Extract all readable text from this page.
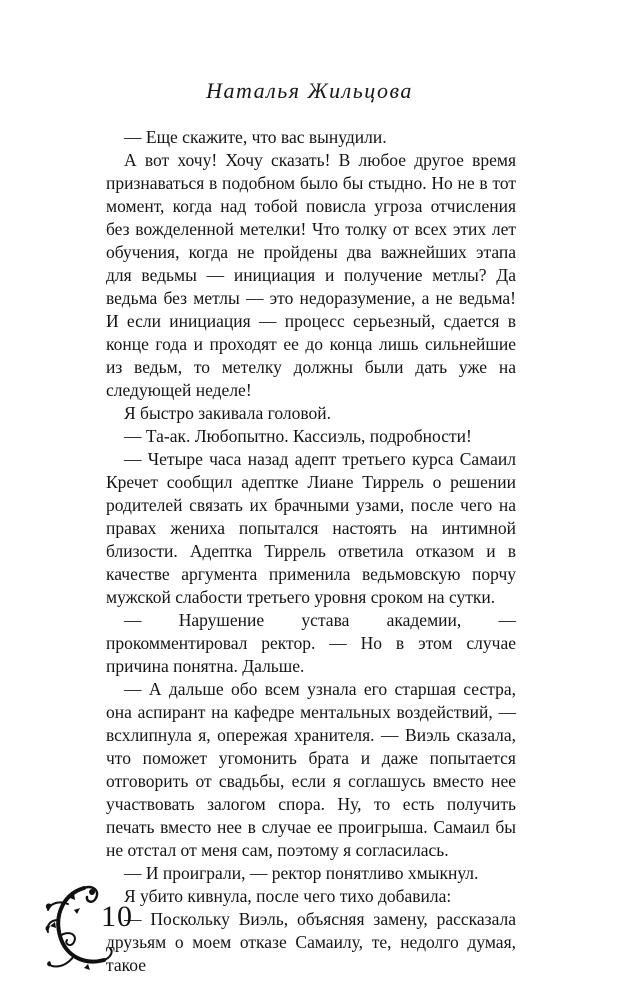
Наталья Жильцова

— Еще скажите, что вас вынудили.

А вот хочу! Хочу сказать! В любое другое время признаваться в подобном было бы стыдно. Но не в тот момент, когда над тобой повисла угроза отчисления без вожделенной метелки! Что толку от всех этих лет обучения, когда не пройдены два важнейших этапа для ведьмы — инициация и получение метлы? Да ведьма без метлы — это недоразумение, а не ведьма! И если инициация — процесс серьезный, сдается в конце года и проходят ее до конца лишь сильнейшие из ведьм, то метелку должны были дать уже на следующей неделе!

Я быстро закивала головой.

— Та-ак. Любопытно. Кассиэль, подробности!

— Четыре часа назад адепт третьего курса Самаил Кречет сообщил адептке Лиане Тиррель о решении родителей связать их брачными узами, после чего на правах жениха попытался настоять на интимной близости. Адептка Тиррель ответила отказом и в качестве аргумента применила ведьмовскую порчу мужской слабости третьего уровня сроком на сутки.

— Нарушение устава академии, — прокомментировал ректор. — Но в этом случае причина понятна. Дальше.

— А дальше обо всем узнала его старшая сестра, она аспирант на кафедре ментальных воздействий, — всхлипнула я, опережая хранителя. — Виэль сказала, что поможет угомонить брата и даже попытается отговорить от свадьбы, если я соглашусь вместо нее участвовать залогом спора. Ну, то есть получить печать вместо нее в случае ее проигрыша. Самаил бы не отстал от меня сам, поэтому я согласилась.

— И проиграли, — ректор понятливо хмыкнул.

Я убито кивнула, после чего тихо добавила:

— Поскольку Виэль, объясняя замену, рассказала друзьям о моем отказе Самаилу, те, недолго думая, такое

10
